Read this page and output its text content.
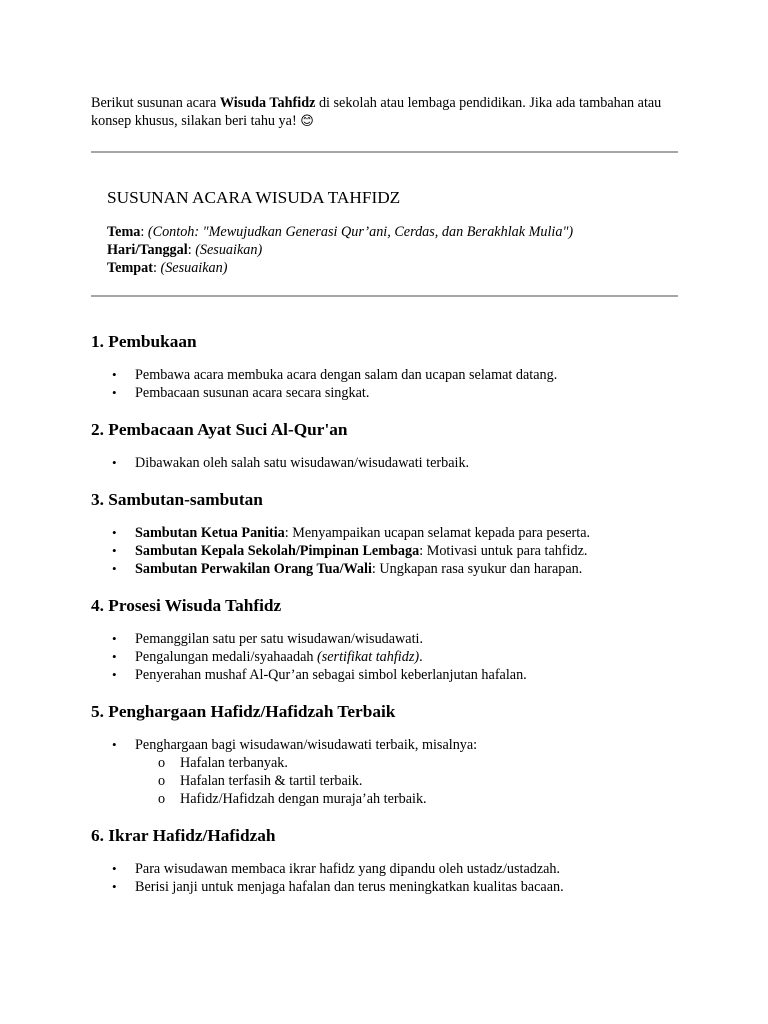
Berikut susunan acara Wisuda Tahfidz di sekolah atau lembaga pendidikan. Jika ada tambahan atau konsep khusus, silakan beri tahu ya! 😊

SUSUNAN ACARA WISUDA TAHFIDZ
Tema: (Contoh: "Mewujudkan Generasi Qur’ani, Cerdas, dan Berakhlak Mulia")
Hari/Tanggal: (Sesuaikan)
Tempat: (Sesuaikan)
1. Pembukaan
• Pembawa acara membuka acara dengan salam dan ucapan selamat datang.
• Pembacaan susunan acara secara singkat.
2. Pembacaan Ayat Suci Al-Qur'an
• Dibawakan oleh salah satu wisudawan/wisudawati terbaik.
3. Sambutan-sambutan
• Sambutan Ketua Panitia: Menyampaikan ucapan selamat kepada para peserta.
• Sambutan Kepala Sekolah/Pimpinan Lembaga: Motivasi untuk para tahfidz.
• Sambutan Perwakilan Orang Tua/Wali: Ungkapan rasa syukur dan harapan.
4. Prosesi Wisuda Tahfidz
• Pemanggilan satu per satu wisudawan/wisudawati.
• Pengalungan medali/syahaadah (sertifikat tahfidz).
• Penyerahan mushaf Al-Qur’an sebagai simbol keberlanjutan hafalan.
5. Penghargaan Hafidz/Hafidzah Terbaik
• Penghargaan bagi wisudawan/wisudawati terbaik, misalnya:
o Hafalan terbanyak.
o Hafalan terfasih & tartil terbaik.
o Hafidz/Hafidzah dengan muraja’ah terbaik.
6. Ikrar Hafidz/Hafidzah
• Para wisudawan membaca ikrar hafidz yang dipandu oleh ustadz/ustadzah.
• Berisi janji untuk menjaga hafalan dan terus meningkatkan kualitas bacaan.
